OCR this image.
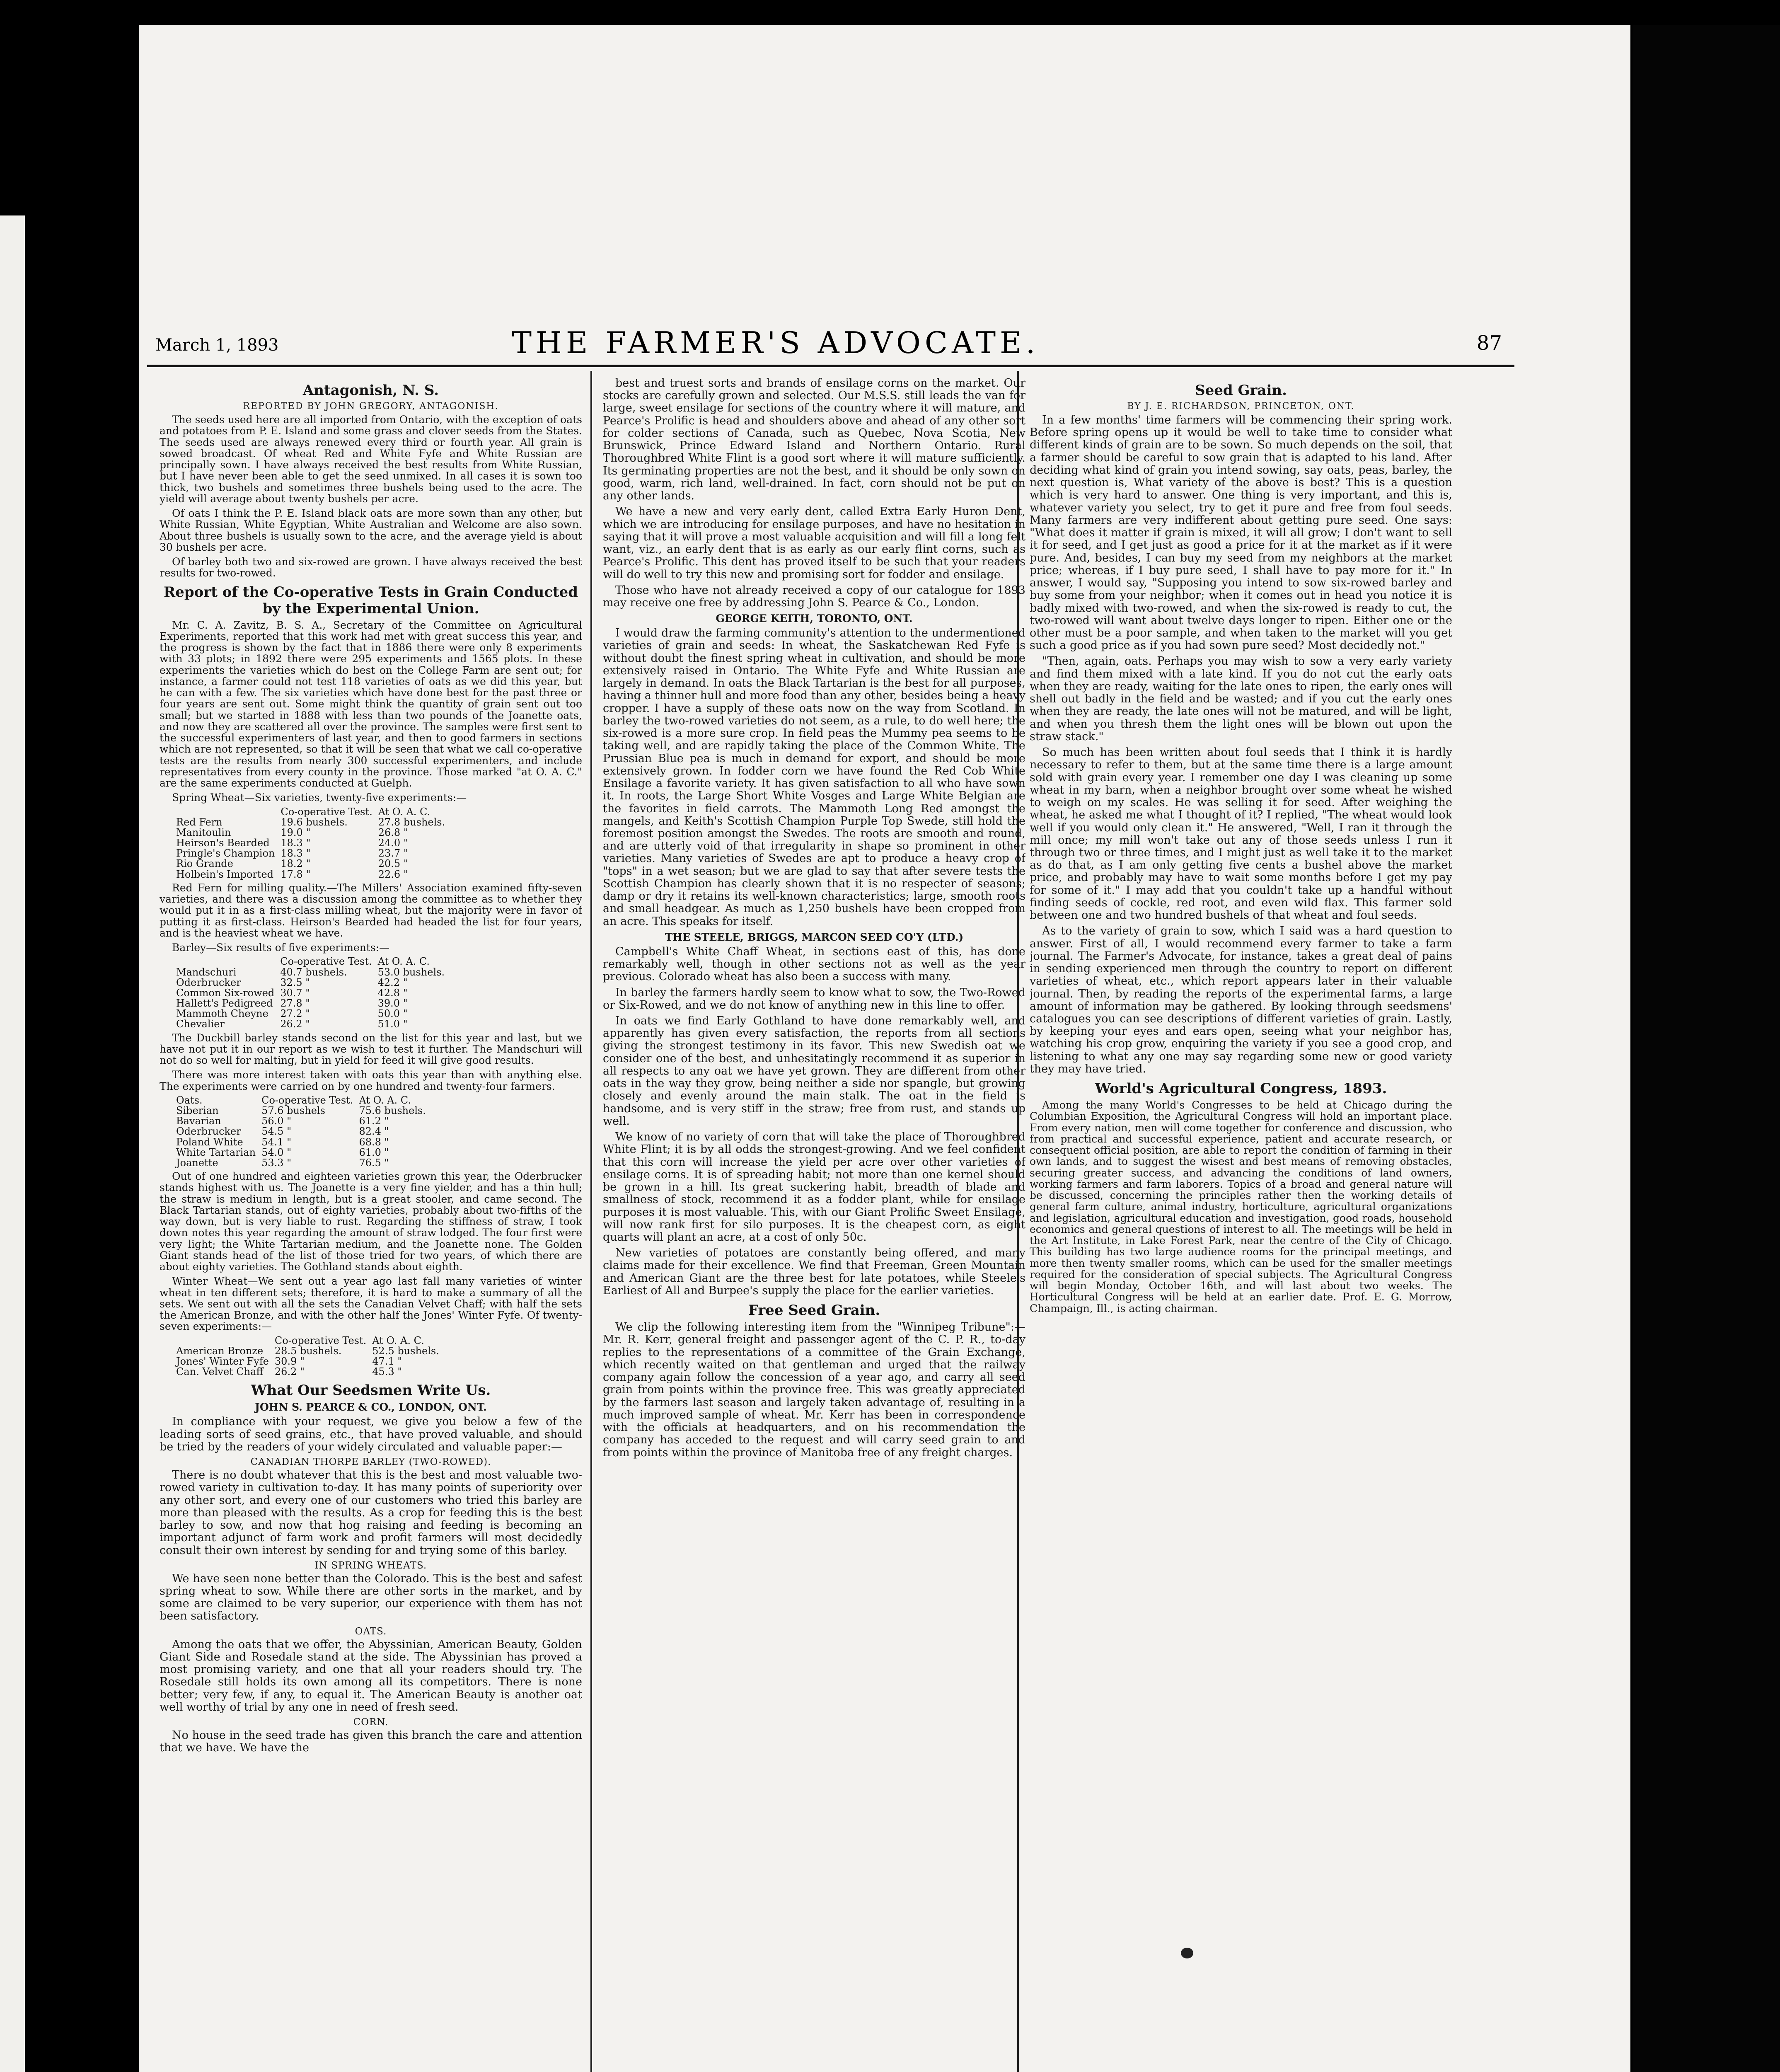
March 1, 1893	THE FARMER'S ADVOCATE.	87
Antagonish, N. S.
REPORTED BY JOHN GREGORY, ANTAGONISH.

The seeds used here are all imported from Ontario, with the exception of oats and potatoes from P. E. Island and some grass and clover seeds from the States. The seeds used are always renewed every third or fourth year. All grain is sowed broadcast. Of wheat Red and White Fyfe and White Russian are principally sown. I have always received the best results from White Russian, but I have never been able to get the seed unmixed. In all cases it is sown too thick, two bushels and sometimes three bushels being used to the acre. The yield will average about twenty bushels per acre.

Of oats I think the P. E. Island black oats are more sown than any other, but White Russian, White Egyptian, White Australian and Welcome are also sown. About three bushels is usually sown to the acre, and the average yield is about 30 bushels per acre.

Of barley both two and six-rowed are grown. I have always received the best results for two-rowed.

Report of the Co-operative Tests in Grain Conducted by the Experimental Union.

Mr. C. A. Zavitz, B. S. A., Secretary of the Committee on Agricultural Experiments, reported that this work had met with great success this year, and the progress is shown by the fact that in 1886 there were only 8 experiments with 33 plots; in 1892 there were 295 experiments and 1565 plots. In these experiments the varieties which do best on the College Farm are sent out; for instance, a farmer could not test 118 varieties of oats as we did this year, but he can with a few. The six varieties which have done best for the past three or four years are sent out. Some might think the quantity of grain sent out too small; but we started in 1888 with less than two pounds of the Joanette oats, and now they are scattered all over the province. The samples were first sent to the successful experimenters of last year, and then to good farmers in sections which are not represented, so that it will be seen that what we call co-operative tests are the results from nearly 300 successful experimenters, and include representatives from every county in the province. Those marked "at O. A. C." are the same experiments conducted at Guelph.

Spring Wheat—Six varieties, twenty-five experiments:—

	Co-operative Test.	At O. A. C.
Red Fern	19.6 bushels.	27.8 bushels.
Manitoulin	19.0 "	26.8 "
Heirson's Bearded	18.3 "	24.0 "
Pringle's Champion	18.3 "	23.7 "
Rio Grande	18.2 "	20.5 "
Holbein's Imported	17.8 "	22.6 "

Red Fern for milling quality.—The Millers' Association examined fifty-seven varieties, and there was a discussion among the committee as to whether they would put it in as a first-class milling wheat, but the majority were in favor of putting it as first-class. Heirson's Bearded had headed the list for four years, and is the heaviest wheat we have.

Barley—Six results of five experiments:—

	Co-operative Test.	At O. A. C.
Mandschuri	40.7 bushels.	53.0 bushels.
Oderbrucker	32.5 "	42.2 "
Common Six-rowed	30.7 "	42.8 "
Hallett's Pedigreed	27.8 "	39.0 "
Mammoth Cheyne	27.2 "	50.0 "
Chevalier	26.2 "	51.0 "

The Duckbill barley stands second on the list for this year and last, but we have not put it in our report as we wish to test it further. The Mandschuri will not do so well for malting, but in yield for feed it will give good results.

There was more interest taken with oats this year than with anything else. The experiments were carried on by one hundred and twenty-four farmers.

Oats.	Co-operative Test.	At O. A. C.
Siberian	57.6 bushels	75.6 bushels.
Bavarian	56.0 "	61.2 "
Oderbrucker	54.5 "	82.4 "
Poland White	54.1 "	68.8 "
White Tartarian	54.0 "	61.0 "
Joanette	53.3 "	76.5 "

Out of one hundred and eighteen varieties grown this year, the Oderbrucker stands highest with us. The Joanette is a very fine yielder, and has a thin hull; the straw is medium in length, but is a great stooler, and came second. The Black Tartarian stands, out of eighty varieties, probably about two-fifths of the way down, but is very liable to rust. Regarding the stiffness of straw, I took down notes this year regarding the amount of straw lodged. The four first were very light; the White Tartarian medium, and the Joanette none. The Golden Giant stands head of the list of those tried for two years, of which there are about eighty varieties. The Gothland stands about eighth.

Winter Wheat—We sent out a year ago last fall many varieties of winter wheat in ten different sets; therefore, it is hard to make a summary of all the sets. We sent out with all the sets the Canadian Velvet Chaff; with half the sets the American Bronze, and with the other half the Jones' Winter Fyfe. Of twenty-seven experiments:—

	Co-operative Test.	At O. A. C.
American Bronze	28.5 bushels.	52.5 bushels.
Jones' Winter Fyfe	30.9 "	47.1 "
Can. Velvet Chaff	26.2 "	45.3 "
What Our Seedsmen Write Us.
JOHN S. PEARCE & CO., LONDON, ONT.

In compliance with your request, we give you below a few of the leading sorts of seed grains, etc., that have proved valuable, and should be tried by the readers of your widely circulated and valuable paper:—

CANADIAN THORPE BARLEY (TWO-ROWED).

There is no doubt whatever that this is the best and most valuable two-rowed variety in cultivation to-day. It has many points of superiority over any other sort, and every one of our customers who tried this barley are more than pleased with the results. As a crop for feeding this is the best barley to sow, and now that hog raising and feeding is becoming an important adjunct of farm work and profit farmers will most decidedly consult their own interest by sending for and trying some of this barley.

IN SPRING WHEATS.

We have seen none better than the Colorado. This is the best and safest spring wheat to sow. While there are other sorts in the market, and by some are claimed to be very superior, our experience with them has not been satisfactory.

OATS.

Among the oats that we offer, the Abyssinian, American Beauty, Golden Giant Side and Rosedale stand at the side. The Abyssinian has proved a most promising variety, and one that all your readers should try. The Rosedale still holds its own among all its competitors. There is none better; very few, if any, to equal it. The American Beauty is another oat well worthy of trial by any one in need of fresh seed.

CORN.

No house in the seed trade has given this branch the care and attention that we have. We have the

best and truest sorts and brands of ensilage corns on the market. Our stocks are carefully grown and selected. Our M.S.S. still leads the van for large, sweet ensilage for sections of the country where it will mature, and Pearce's Prolific is head and shoulders above and ahead of any other sort for colder sections of Canada, such as Quebec, Nova Scotia, New Brunswick, Prince Edward Island and Northern Ontario. Rural Thoroughbred White Flint is a good sort where it will mature sufficiently. Its germinating properties are not the best, and it should be only sown on good, warm, rich land, well-drained. In fact, corn should not be put on any other lands.

We have a new and very early dent, called Extra Early Huron Dent, which we are introducing for ensilage purposes, and have no hesitation in saying that it will prove a most valuable acquisition and will fill a long felt want, viz., an early dent that is as early as our early flint corns, such as Pearce's Prolific. This dent has proved itself to be such that your readers will do well to try this new and promising sort for fodder and ensilage.

Those who have not already received a copy of our catalogue for 1893 may receive one free by addressing John S. Pearce & Co., London.

GEORGE KEITH, TORONTO, ONT.

I would draw the farming community's attention to the undermentioned varieties of grain and seeds: In wheat, the Saskatchewan Red Fyfe is without doubt the finest spring wheat in cultivation, and should be more extensively raised in Ontario. The White Fyfe and White Russian are largely in demand. In oats the Black Tartarian is the best for all purposes, having a thinner hull and more food than any other, besides being a heavy cropper. I have a supply of these oats now on the way from Scotland. In barley the two-rowed varieties do not seem, as a rule, to do well here; the six-rowed is a more sure crop. In field peas the Mummy pea seems to be taking well, and are rapidly taking the place of the Common White. The Prussian Blue pea is much in demand for export, and should be more extensively grown. In fodder corn we have found the Red Cob White Ensilage a favorite variety. It has given satisfaction to all who have sown it. In roots, the Large Short White Vosges and Large White Belgian are the favorites in field carrots. The Mammoth Long Red amongst the mangels, and Keith's Scottish Champion Purple Top Swede, still hold the foremost position amongst the Swedes. The roots are smooth and round, and are utterly void of that irregularity in shape so prominent in other varieties. Many varieties of Swedes are apt to produce a heavy crop of "tops" in a wet season; but we are glad to say that after severe tests the Scottish Champion has clearly shown that it is no respecter of seasons; damp or dry it retains its well-known characteristics; large, smooth roots and small headgear. As much as 1,250 bushels have been cropped from an acre. This speaks for itself.

THE STEELE, BRIGGS, MARCON SEED CO'Y (LTD.)

Campbell's White Chaff Wheat, in sections east of this, has done remarkably well, though in other sections not as well as the year previous. Colorado wheat has also been a success with many.

In barley the farmers hardly seem to know what to sow, the Two-Rowed or Six-Rowed, and we do not know of anything new in this line to offer.

In oats we find Early Gothland to have done remarkably well, and apparently has given every satisfaction, the reports from all sections giving the strongest testimony in its favor. This new Swedish oat we consider one of the best, and unhesitatingly recommend it as superior in all respects to any oat we have yet grown. They are different from other oats in the way they grow, being neither a side nor spangle, but growing closely and evenly around the main stalk. The oat in the field is handsome, and is very stiff in the straw; free from rust, and stands up well.

We know of no variety of corn that will take the place of Thoroughbred White Flint; it is by all odds the strongest-growing. And we feel confident that this corn will increase the yield per acre over other varieties of ensilage corns. It is of spreading habit; not more than one kernel should be grown in a hill. Its great suckering habit, breadth of blade and smallness of stock, recommend it as a fodder plant, while for ensilage purposes it is most valuable. This, with our Giant Prolific Sweet Ensilage, will now rank first for silo purposes. It is the cheapest corn, as eight quarts will plant an acre, at a cost of only 50c.

New varieties of potatoes are constantly being offered, and many claims made for their excellence. We find that Freeman, Green Mountain and American Giant are the three best for late potatoes, while Steele's Earliest of All and Burpee's supply the place for the earlier varieties.

Free Seed Grain.

We clip the following interesting item from the "Winnipeg Tribune":—Mr. R. Kerr, general freight and passenger agent of the C. P. R., to-day replies to the representations of a committee of the Grain Exchange, which recently waited on that gentleman and urged that the railway company again follow the concession of a year ago, and carry all seed grain from points within the province free. This was greatly appreciated by the farmers last season and largely taken advantage of, resulting in a much improved sample of wheat. Mr. Kerr has been in correspondence with the officials at headquarters, and on his recommendation the company has acceded to the request and will carry seed grain to and from points within the province of Manitoba free of any freight charges.

Seed Grain.
BY J. E. RICHARDSON, PRINCETON, ONT.

In a few months' time farmers will be commencing their spring work. Before spring opens up it would be well to take time to consider what different kinds of grain are to be sown. So much depends on the soil, that a farmer should be careful to sow grain that is adapted to his land. After deciding what kind of grain you intend sowing, say oats, peas, barley, the next question is, What variety of the above is best? This is a question which is very hard to answer. One thing is very important, and this is, whatever variety you select, try to get it pure and free from foul seeds. Many farmers are very indifferent about getting pure seed. One says: "What does it matter if grain is mixed, it will all grow; I don't want to sell it for seed, and I get just as good a price for it at the market as if it were pure. And, besides, I can buy my seed from my neighbors at the market price; whereas, if I buy pure seed, I shall have to pay more for it." In answer, I would say, "Supposing you intend to sow six-rowed barley and buy some from your neighbor; when it comes out in head you notice it is badly mixed with two-rowed, and when the six-rowed is ready to cut, the two-rowed will want about twelve days longer to ripen. Either one or the other must be a poor sample, and when taken to the market will you get such a good price as if you had sown pure seed? Most decidedly not."

"Then, again, oats. Perhaps you may wish to sow a very early variety and find them mixed with a late kind. If you do not cut the early oats when they are ready, waiting for the late ones to ripen, the early ones will shell out badly in the field and be wasted; and if you cut the early ones when they are ready, the late ones will not be matured, and will be light, and when you thresh them the light ones will be blown out upon the straw stack."

So much has been written about foul seeds that I think it is hardly necessary to refer to them, but at the same time there is a large amount sold with grain every year. I remember one day I was cleaning up some wheat in my barn, when a neighbor brought over some wheat he wished to weigh on my scales. He was selling it for seed. After weighing the wheat, he asked me what I thought of it? I replied, "The wheat would look well if you would only clean it." He answered, "Well, I ran it through the mill once; my mill won't take out any of those seeds unless I run it through two or three times, and I might just as well take it to the market as do that, as I am only getting five cents a bushel above the market price, and probably may have to wait some months before I get my pay for some of it." I may add that you couldn't take up a handful without finding seeds of cockle, red root, and even wild flax. This farmer sold between one and two hundred bushels of that wheat and foul seeds.

As to the variety of grain to sow, which I said was a hard question to answer. First of all, I would recommend every farmer to take a farm journal. The Farmer's Advocate, for instance, takes a great deal of pains in sending experienced men through the country to report on different varieties of wheat, etc., which report appears later in their valuable journal. Then, by reading the reports of the experimental farms, a large amount of information may be gathered. By looking through seedsmens' catalogues you can see descriptions of different varieties of grain. Lastly, by keeping your eyes and ears open, seeing what your neighbor has, watching his crop grow, enquiring the variety if you see a good crop, and listening to what any one may say regarding some new or good variety they may have tried.

World's Agricultural Congress, 1893.

Among the many World's Congresses to be held at Chicago during the Columbian Exposition, the Agricultural Congress will hold an important place. From every nation, men will come together for conference and discussion, who from practical and successful experience, patient and accurate research, or consequent official position, are able to report the condition of farming in their own lands, and to suggest the wisest and best means of removing obstacles, securing greater success, and advancing the conditions of land owners, working farmers and farm laborers. Topics of a broad and general nature will be discussed, concerning the principles rather then the working details of general farm culture, animal industry, horticulture, agricultural organizations and legislation, agricultural education and investigation, good roads, household economics and general questions of interest to all. The meetings will be held in the Art Institute, in Lake Forest Park, near the centre of the City of Chicago. This building has two large audience rooms for the principal meetings, and more then twenty smaller rooms, which can be used for the smaller meetings required for the consideration of special subjects. The Agricultural Congress will begin Monday, October 16th, and will last about two weeks. The Horticultural Congress will be held at an earlier date. Prof. E. G. Morrow, Champaign, Ill., is acting chairman.
